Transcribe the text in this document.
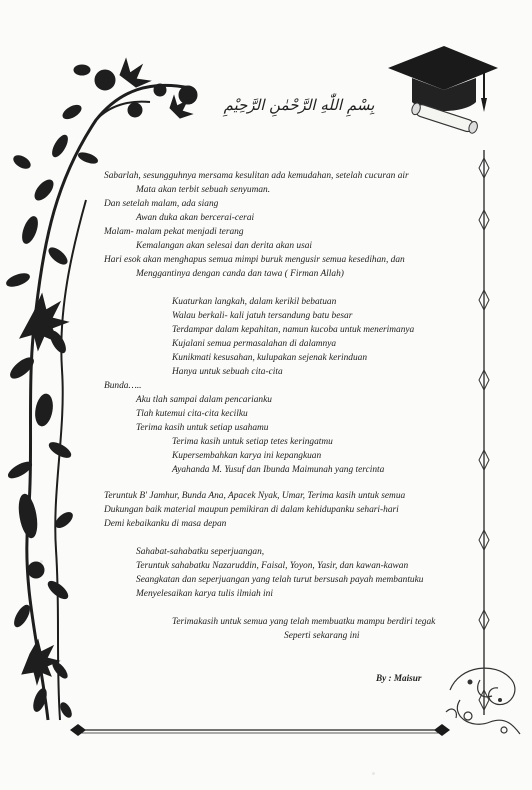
بِسْمِ اللّٰهِ الرَّحْمٰنِ الرَّحِيْمِ
Sabarlah, sesungguhnya mersama kesulitan ada kemudahan, setelah cucuran air
Mata akan terbit sebuah senyuman.
Dan setelah malam, ada siang
Awan duka akan bercerai-cerai
Malam- malam pekat menjadi terang
Kemalangan akan selesai dan derita akan usai
Hari esok akan menghapus semua mimpi buruk mengusir semua kesedihan, dan
Menggantinya dengan canda dan tawa ( Firman Allah)
Kuaturkan langkah, dalam kerikil bebatuan
Walau berkali- kali jatuh tersandung batu besar
Terdampar dalam kepahitan, namun kucoba untuk menerimanya
Kujalani semua permasalahan di dalamnya
Kunikmati kesusahan, kulupakan sejenak kerinduan
Hanya untuk sebuah cita-cita
Bunda…..
Aku tlah sampai dalam pencarianku
Tlah kutemui cita-cita kecilku
Terima kasih untuk setiap usahamu
Terima kasih untuk setiap tetes keringatmu
Kupersembahkan karya ini kepangkuan
Ayahanda M. Yusuf dan Ibunda Maimunah yang tercinta
Teruntuk B' Jamhur, Bunda Ana, Apacek Nyak, Umar, Terima kasih untuk semua
Dukungan baik material maupun pemikiran di dalam kehidupanku sehari-hari
Demi kebaikanku di masa depan
Sahabat-sahabatku seperjuangan,
Teruntuk sahabatku Nazaruddin, Faisal, Yoyon, Yasir, dan kawan-kawan
Seangkatan dan seperjuangan yang telah turut bersusah payah membantuku
Menyelesaikan karya tulis ilmiah ini
Terimakasih untuk semua yang telah membuatku mampu berdiri tegak
Seperti sekarang ini
By : Maisur
